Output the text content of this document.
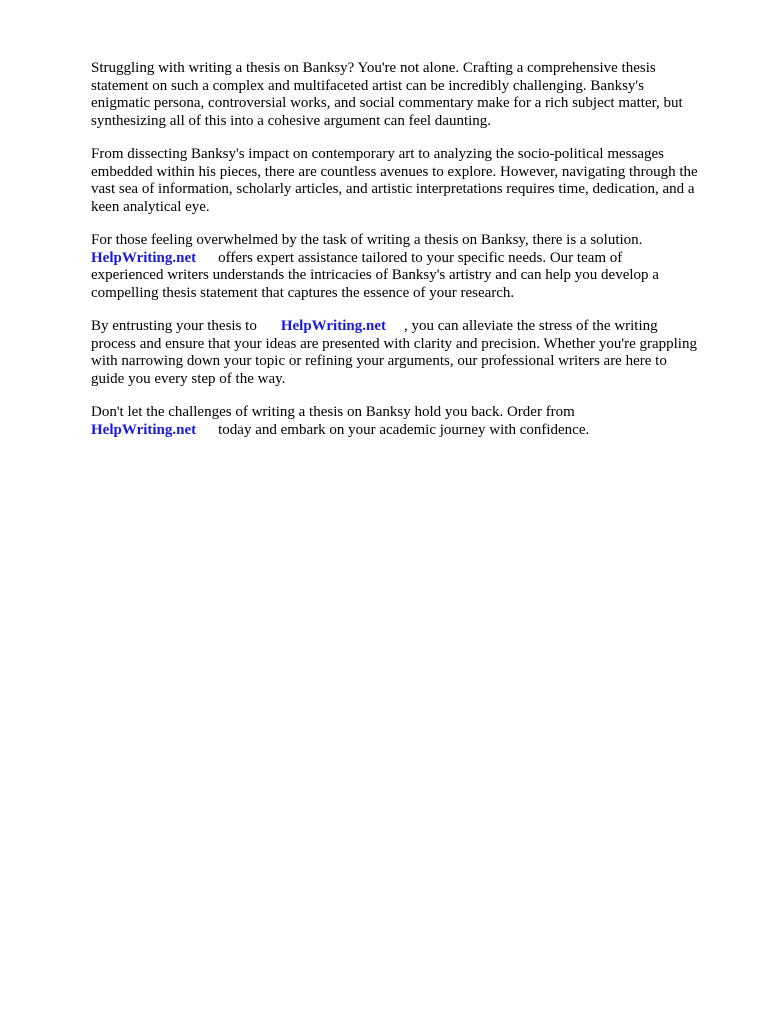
Struggling with writing a thesis on Banksy? You're not alone. Crafting a comprehensive thesis
statement on such a complex and multifaceted artist can be incredibly challenging. Banksy's
enigmatic persona, controversial works, and social commentary make for a rich subject matter, but
synthesizing all of this into a cohesive argument can feel daunting.

From dissecting Banksy's impact on contemporary art to analyzing the socio-political messages
embedded within his pieces, there are countless avenues to explore. However, navigating through the
vast sea of information, scholarly articles, and artistic interpretations requires time, dedication, and a
keen analytical eye.

For those feeling overwhelmed by the task of writing a thesis on Banksy, there is a solution.
HelpWriting.net offers expert assistance tailored to your specific needs. Our team of
experienced writers understands the intricacies of Banksy's artistry and can help you develop a
compelling thesis statement that captures the essence of your research.

By entrusting your thesis to HelpWriting.net , you can alleviate the stress of the writing
process and ensure that your ideas are presented with clarity and precision. Whether you're grappling
with narrowing down your topic or refining your arguments, our professional writers are here to
guide you every step of the way.

Don't let the challenges of writing a thesis on Banksy hold you back. Order from
HelpWriting.net today and embark on your academic journey with confidence.
